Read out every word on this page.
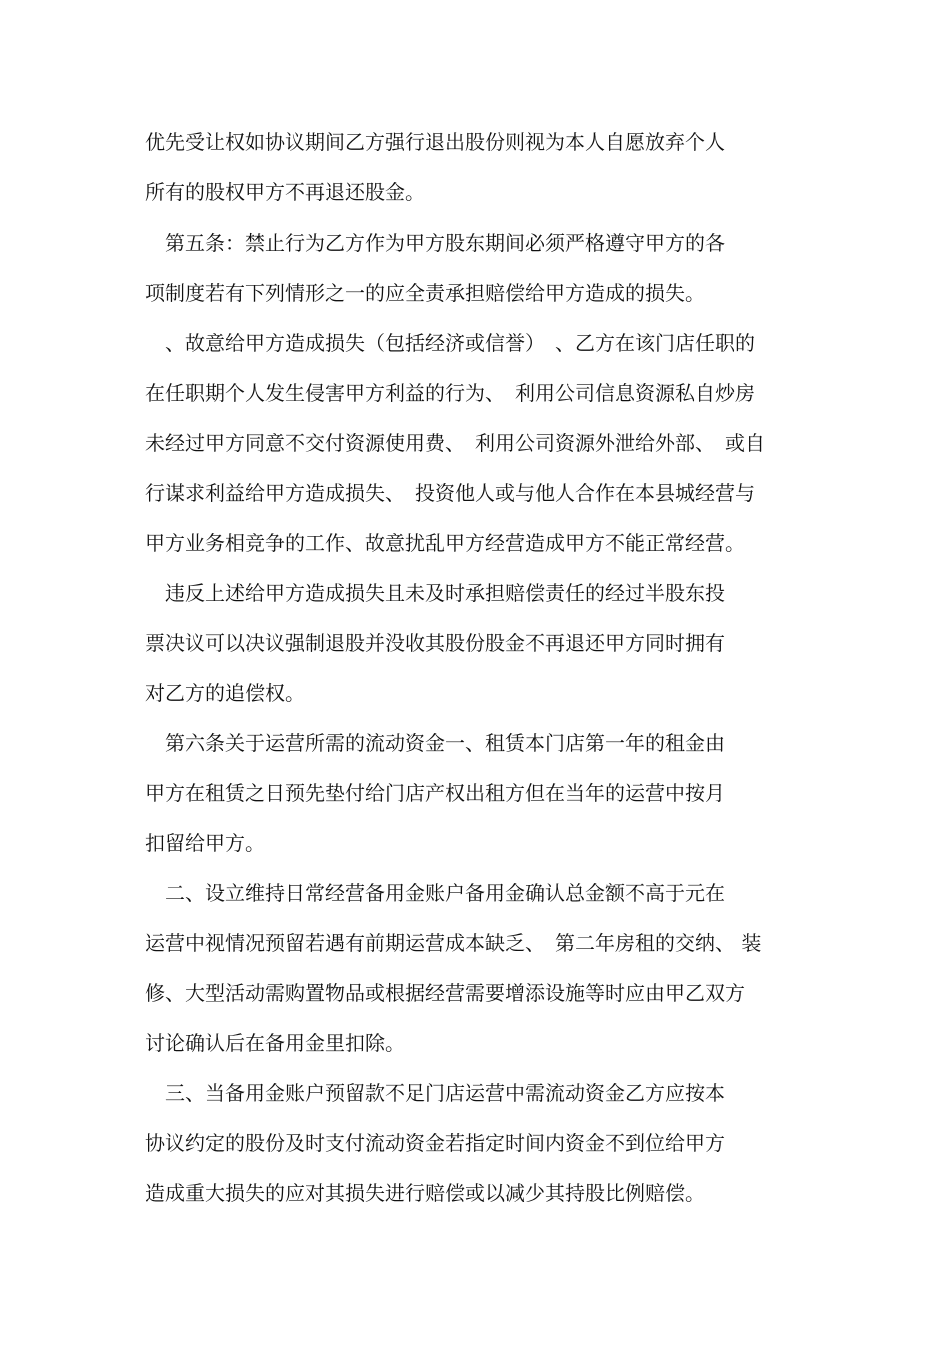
优先受让权如协议期间乙方强行退出股份则视为本人自愿放弃个人
所有的股权甲方不再退还股金。
　第五条：禁止行为乙方作为甲方股东期间必须严格遵守甲方的各
项制度若有下列情形之一的应全责承担赔偿给甲方造成的损失。
　、故意给甲方造成损失（包括经济或信誉）　、乙方在该门店任职的
在任职期个人发生侵害甲方利益的行为、　利用公司信息资源私自炒房
未经过甲方同意不交付资源使用费、　利用公司资源外泄给外部、　或自
行谋求利益给甲方造成损失、　投资他人或与他人合作在本县城经营与
甲方业务相竞争的工作、故意扰乱甲方经营造成甲方不能正常经营。
　违反上述给甲方造成损失且未及时承担赔偿责任的经过半股东投
票决议可以决议强制退股并没收其股份股金不再退还甲方同时拥有
对乙方的追偿权。
　第六条关于运营所需的流动资金一、租赁本门店第一年的租金由
甲方在租赁之日预先垫付给门店产权出租方但在当年的运营中按月
扣留给甲方。
　二、设立维持日常经营备用金账户备用金确认总金额不高于元在
运营中视情况预留若遇有前期运营成本缺乏、　第二年房租的交纳、 装
修、大型活动需购置物品或根据经营需要增添设施等时应由甲乙双方
讨论确认后在备用金里扣除。
　三、当备用金账户预留款不足门店运营中需流动资金乙方应按本
协议约定的股份及时支付流动资金若指定时间内资金不到位给甲方
造成重大损失的应对其损失进行赔偿或以减少其持股比例赔偿。
